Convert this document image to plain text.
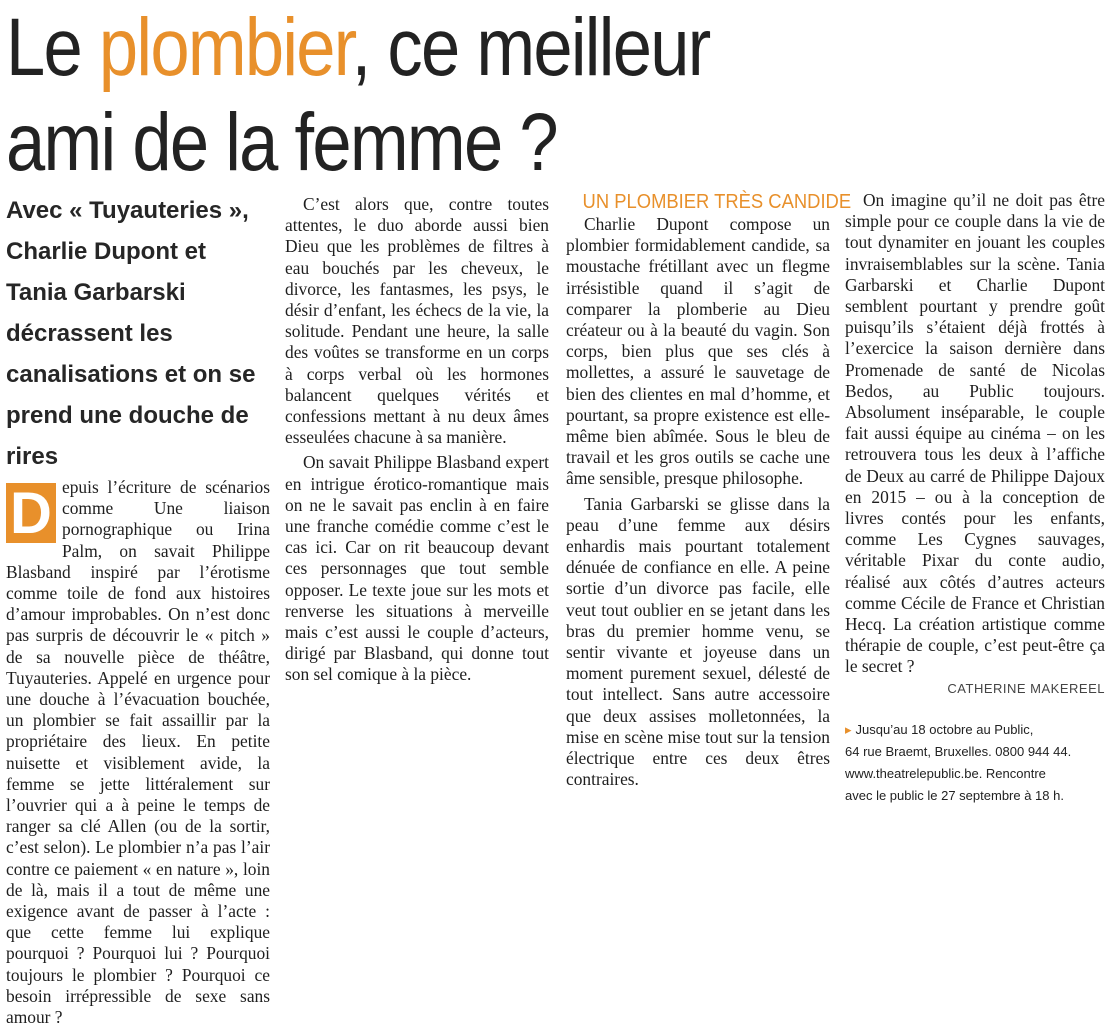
Le plombier, ce meilleur
ami de la femme ?

Avec « Tuyauteries », Charlie Dupont et Tania Garbarski décrassent les canalisations et on se prend une douche de rires

D epuis l’écriture de scénarios comme Une liaison pornographique ou Irina Palm, on savait Philippe Blasband inspiré par l’érotisme comme toile de fond aux histoires d’amour improbables. On n’est donc pas surpris de découvrir le « pitch » de sa nouvelle pièce de théâtre, Tuyauteries. Appelé en urgence pour une douche à l’évacuation bouchée, un plombier se fait assaillir par la propriétaire des lieux. En petite nuisette et visiblement avide, la femme se jette littéralement sur l’ouvrier qui a à peine le temps de ranger sa clé Allen (ou de la sortir, c’est selon). Le plombier n’a pas l’air contre ce paiement « en nature », loin de là, mais il a tout de même une exigence avant de passer à l’acte : que cette femme lui explique pourquoi ? Pourquoi lui ? Pourquoi toujours le plombier ? Pourquoi ce besoin irrépressible de sexe sans amour ?

C’est alors que, contre toutes attentes, le duo aborde aussi bien Dieu que les problèmes de filtres à eau bouchés par les cheveux, le divorce, les fantasmes, les psys, le désir d’enfant, les échecs de la vie, la solitude. Pendant une heure, la salle des voûtes se transforme en un corps à corps verbal où les hormones balancent quelques vérités et confessions mettant à nu deux âmes esseulées chacune à sa manière.

On savait Philippe Blasband expert en intrigue érotico-romantique mais on ne le savait pas enclin à en faire une franche comédie comme c’est le cas ici. Car on rit beaucoup devant ces personnages que tout semble opposer. Le texte joue sur les mots et renverse les situations à merveille mais c’est aussi le couple d’acteurs, dirigé par Blasband, qui donne tout son sel comique à la pièce.

UN PLOMBIER TRÈS CANDIDE

Charlie Dupont compose un plombier formidablement candide, sa moustache frétillant avec un flegme irrésistible quand il s’agit de comparer la plomberie au Dieu créateur ou à la beauté du vagin. Son corps, bien plus que ses clés à mollettes, a assuré le sauvetage de bien des clientes en mal d’homme, et pourtant, sa propre existence est elle-même bien abîmée. Sous le bleu de travail et les gros outils se cache une âme sensible, presque philosophe.

Tania Garbarski se glisse dans la peau d’une femme aux désirs enhardis mais pourtant totalement dénuée de confiance en elle. A peine sortie d’un divorce pas facile, elle veut tout oublier en se jetant dans les bras du premier homme venu, se sentir vivante et joyeuse dans un moment purement sexuel, délesté de tout intellect. Sans autre accessoire que deux assises molletonnées, la mise en scène mise tout sur la tension électrique entre ces deux êtres contraires.

On imagine qu’il ne doit pas être simple pour ce couple dans la vie de tout dynamiter en jouant les couples invraisemblables sur la scène. Tania Garbarski et Charlie Dupont semblent pourtant y prendre goût puisqu’ils s’étaient déjà frottés à l’exercice la saison dernière dans Promenade de santé de Nicolas Bedos, au Public toujours. Absolument inséparable, le couple fait aussi équipe au cinéma – on les retrouvera tous les deux à l’affiche de Deux au carré de Philippe Dajoux en 2015 – ou à la conception de livres contés pour les enfants, comme Les Cygnes sauvages, véritable Pixar du conte audio, réalisé aux côtés d’autres acteurs comme Cécile de France et Christian Hecq. La création artistique comme thérapie de couple, c’est peut-être ça le secret ?

CATHERINE MAKEREEL

▸ Jusqu’au 18 octobre au Public,
64 rue Braemt, Bruxelles. 0800 944 44.
www.theatrelepublic.be. Rencontre
avec le public le 27 septembre à 18 h.
